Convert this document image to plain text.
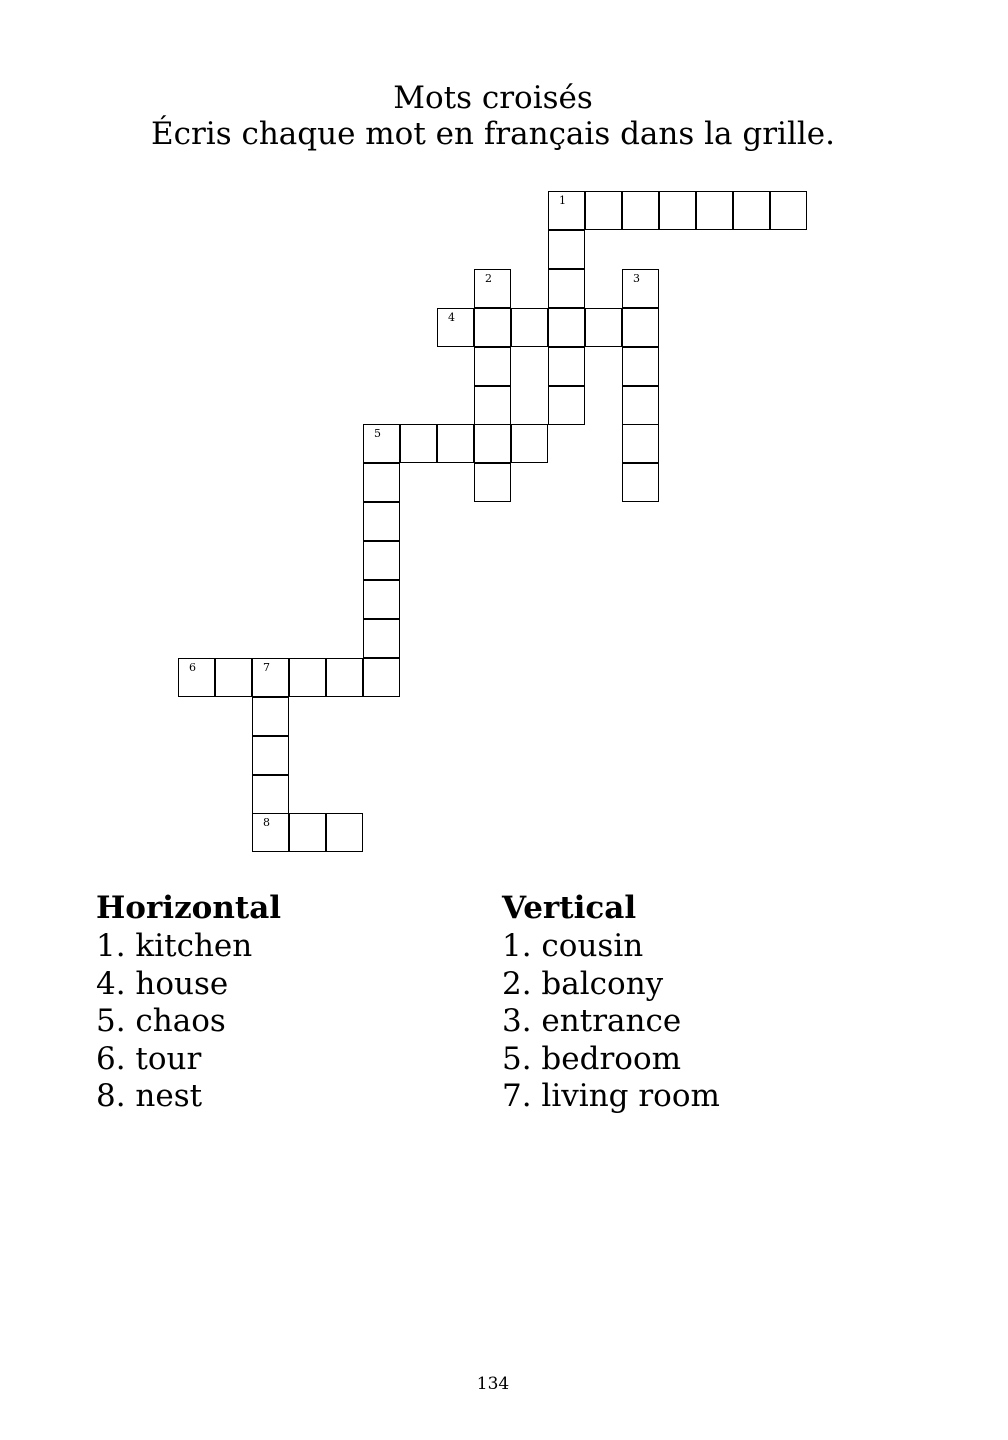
Mots croisés
Écris chaque mot en français dans la grille.
1
2	3
4
5
6	7
8
Horizontal
1. kitchen
4. house
5. chaos
6. tour
8. nest
Vertical
1. cousin
2. balcony
3. entrance
5. bedroom
7. living room
134
